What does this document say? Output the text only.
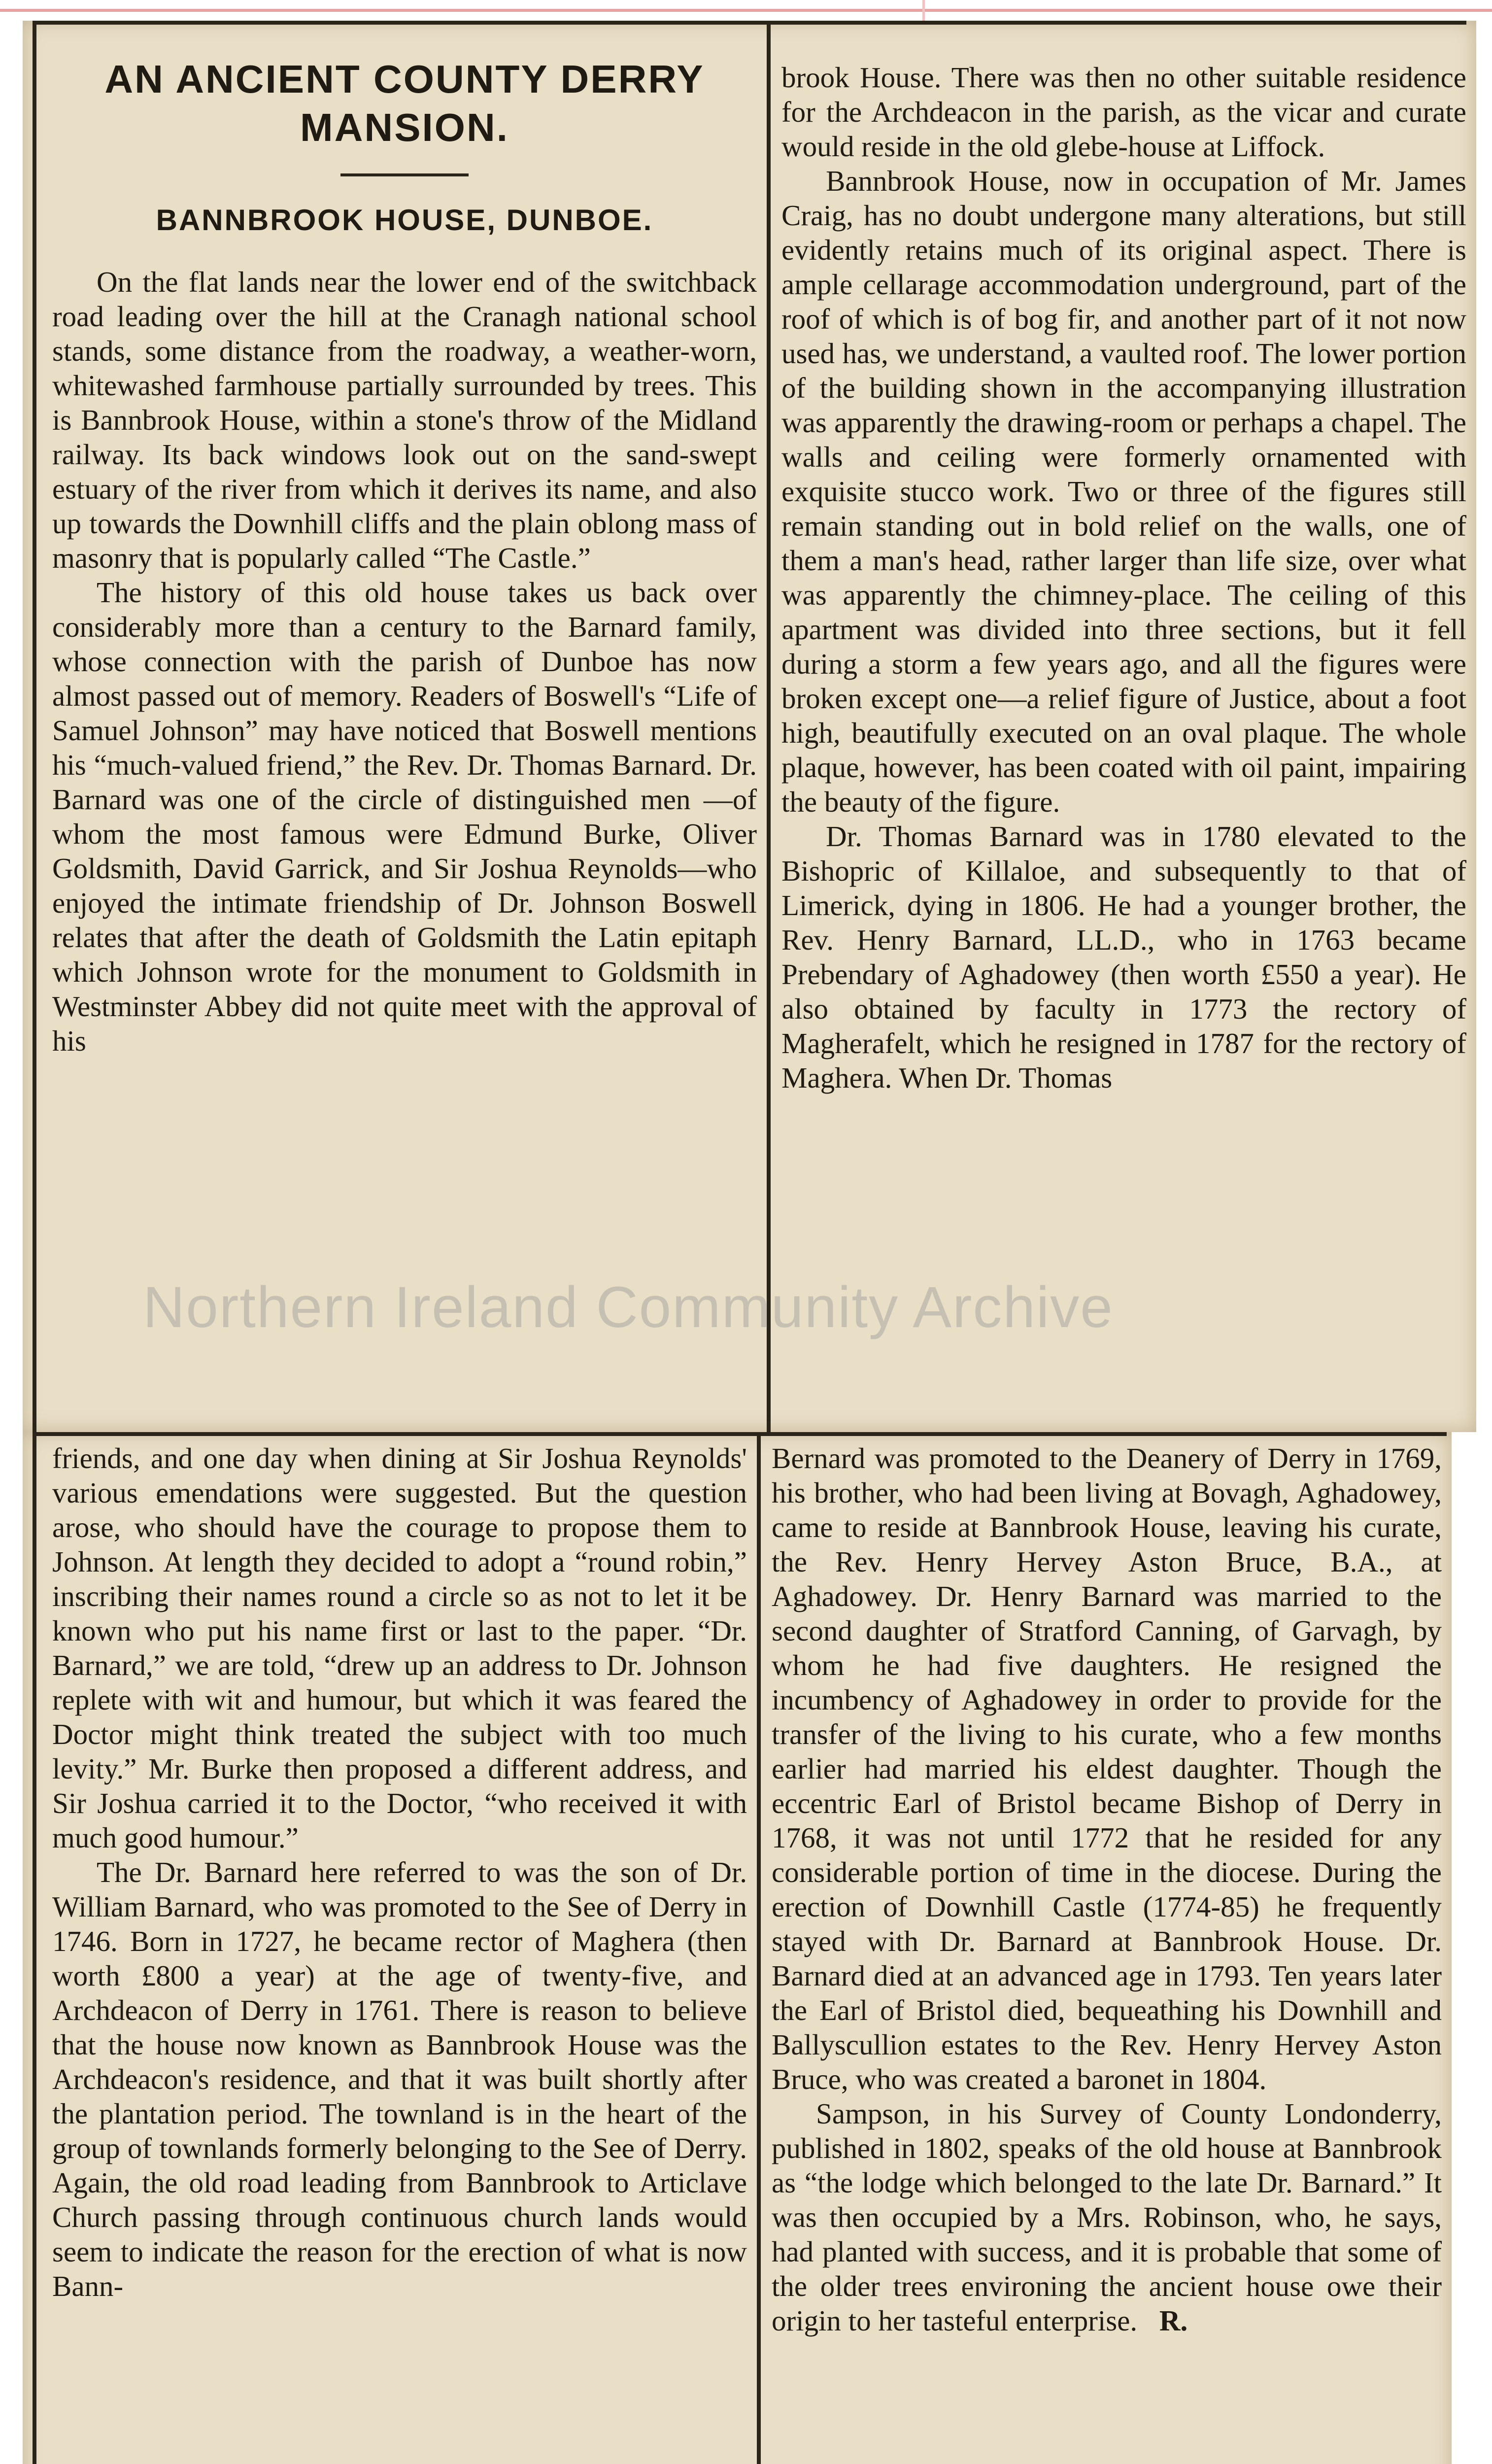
AN ANCIENT COUNTY DERRY
MANSION.
BANNBROOK HOUSE, DUNBOE.

On the flat lands near the lower end of the switchback road leading over the hill at the Cranagh national school stands, some distance from the roadway, a weather-worn, whitewashed farmhouse partially surrounded by trees. This is Bannbrook House, within a stone's throw of the Midland railway. Its back windows look out on the sand-swept estuary of the river from which it derives its name, and also up towards the Downhill cliffs and the plain oblong mass of masonry that is popularly called “The Castle.”

The history of this old house takes us back over considerably more than a century to the Barnard family, whose connection with the parish of Dunboe has now almost passed out of memory. Readers of Boswell's “Life of Samuel Johnson” may have noticed that Boswell mentions his “much-valued friend,” the Rev. Dr. Thomas Barnard. Dr. Barnard was one of the circle of distinguished men —of whom the most famous were Edmund Burke, Oliver Goldsmith, David Garrick, and Sir Joshua Reynolds—who enjoyed the intimate friendship of Dr. Johnson Boswell relates that after the death of Goldsmith the Latin epitaph which Johnson wrote for the monument to Goldsmith in Westminster Abbey did not quite meet with the approval of his

brook House. There was then no other suitable residence for the Archdeacon in the parish, as the vicar and curate would reside in the old glebe-house at Liffock.

Bannbrook House, now in occupation of Mr. James Craig, has no doubt undergone many alterations, but still evidently retains much of its original aspect. There is ample cellarage accommodation underground, part of the roof of which is of bog fir, and another part of it not now used has, we understand, a vaulted roof. The lower portion of the building shown in the accompanying illustration was apparently the drawing-room or perhaps a chapel. The walls and ceiling were formerly ornamented with exquisite stucco work. Two or three of the figures still remain standing out in bold relief on the walls, one of them a man's head, rather larger than life size, over what was apparently the chimney-place. The ceiling of this apartment was divided into three sections, but it fell during a storm a few years ago, and all the figures were broken except one—a relief figure of Justice, about a foot high, beautifully executed on an oval plaque. The whole plaque, however, has been coated with oil paint, impairing the beauty of the figure.

Dr. Thomas Barnard was in 1780 elevated to the Bishopric of Killaloe, and subsequently to that of Limerick, dying in 1806. He had a younger brother, the Rev. Henry Barnard, LL.D., who in 1763 became Prebendary of Aghadowey (then worth £550 a year). He also obtained by faculty in 1773 the rectory of Magherafelt, which he resigned in 1787 for the rectory of Maghera. When Dr. Thomas

friends, and one day when dining at Sir Joshua Reynolds' various emendations were suggested. But the question arose, who should have the courage to propose them to Johnson. At length they decided to adopt a “round robin,” inscribing their names round a circle so as not to let it be known who put his name first or last to the paper. “Dr. Barnard,” we are told, “drew up an address to Dr. Johnson replete with wit and humour, but which it was feared the Doctor might think treated the subject with too much levity.” Mr. Burke then proposed a different address, and Sir Joshua carried it to the Doctor, “who received it with much good humour.”

The Dr. Barnard here referred to was the son of Dr. William Barnard, who was promoted to the See of Derry in 1746. Born in 1727, he became rector of Maghera (then worth £800 a year) at the age of twenty-five, and Archdeacon of Derry in 1761. There is reason to believe that the house now known as Bannbrook House was the Archdeacon's residence, and that it was built shortly after the plantation period. The townland is in the heart of the group of townlands formerly belonging to the See of Derry. Again, the old road leading from Bannbrook to Articlave Church passing through continuous church lands would seem to indicate the reason for the erection of what is now Bann-

Bernard was promoted to the Deanery of Derry in 1769, his brother, who had been living at Bovagh, Aghadowey, came to reside at Bannbrook House, leaving his curate, the Rev. Henry Hervey Aston Bruce, B.A., at Aghadowey. Dr. Henry Barnard was married to the second daughter of Stratford Canning, of Garvagh, by whom he had five daughters. He resigned the incumbency of Aghadowey in order to provide for the transfer of the living to his curate, who a few months earlier had married his eldest daughter. Though the eccentric Earl of Bristol became Bishop of Derry in 1768, it was not until 1772 that he resided for any considerable portion of time in the diocese. During the erection of Downhill Castle (1774-85) he frequently stayed with Dr. Barnard at Bannbrook House. Dr. Barnard died at an advanced age in 1793. Ten years later the Earl of Bristol died, bequeathing his Downhill and Ballyscullion estates to the Rev. Henry Hervey Aston Bruce, who was created a baronet in 1804.

Sampson, in his Survey of County Londonderry, published in 1802, speaks of the old house at Bannbrook as “the lodge which belonged to the late Dr. Barnard.” It was then occupied by a Mrs. Robinson, who, he says, had planted with success, and it is probable that some of the older trees environing the ancient house owe their origin to her tasteful enterprise. R.

Northern Ireland Community Archive
